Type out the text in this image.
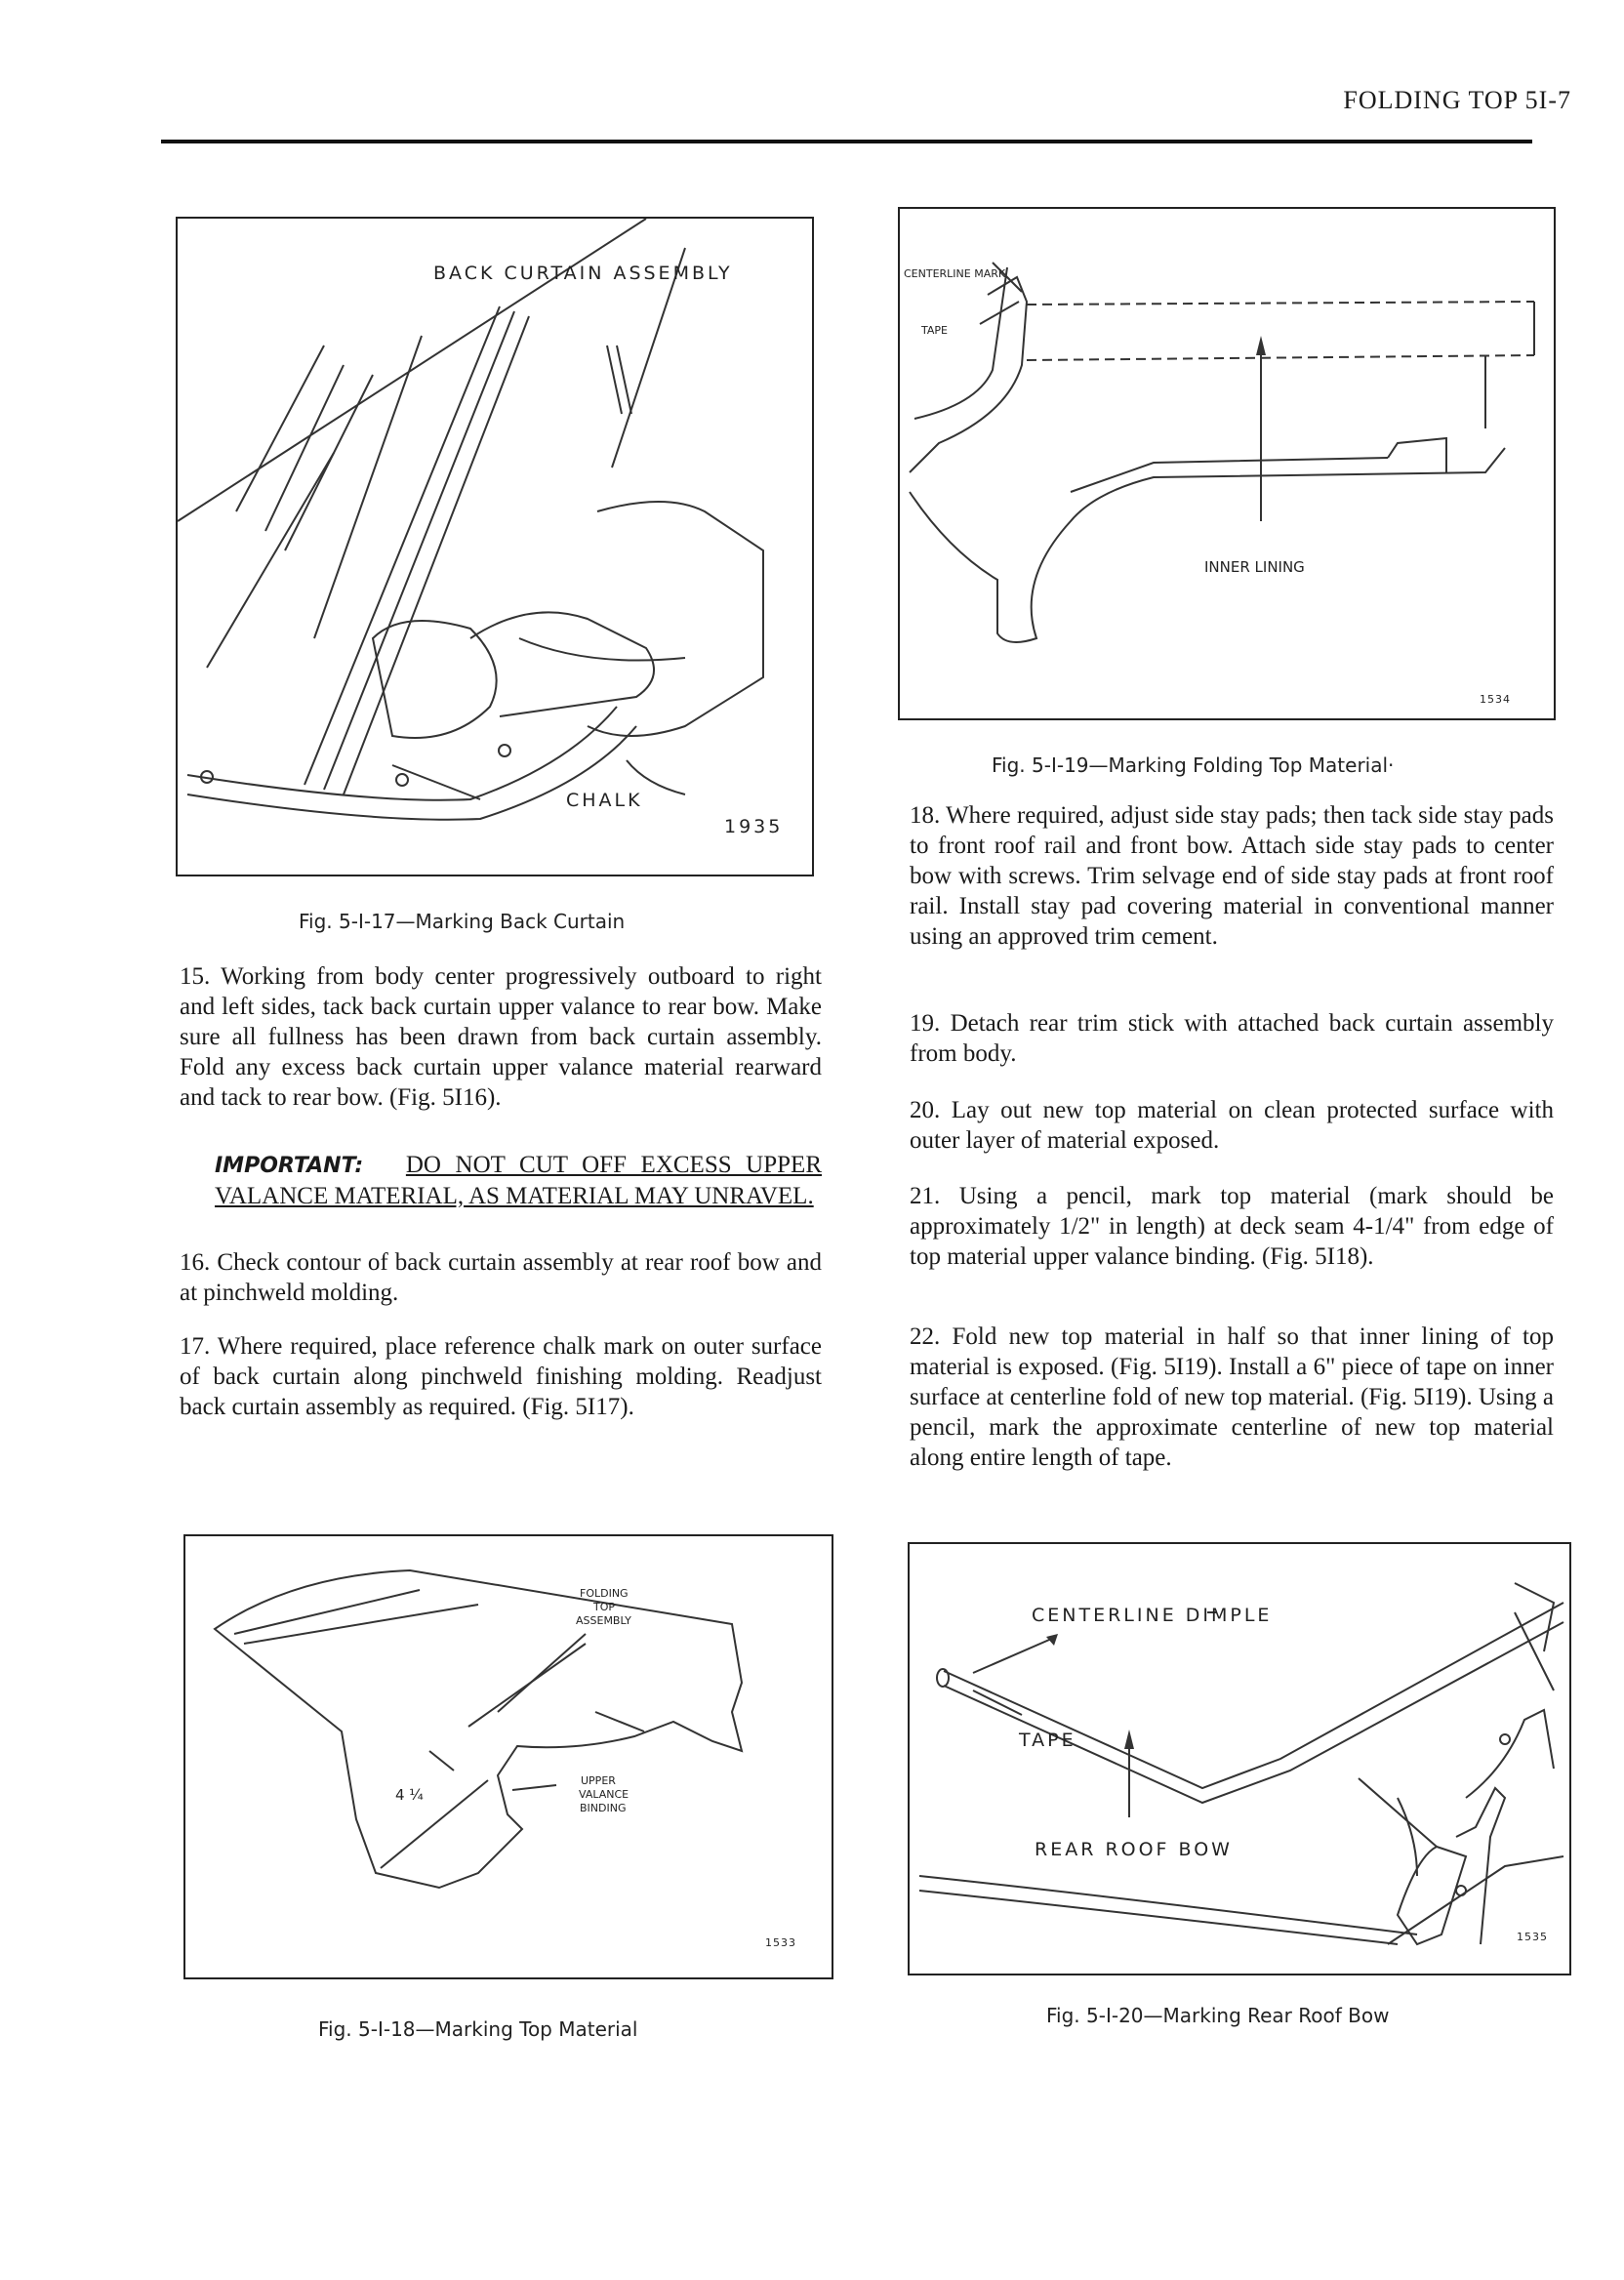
FOLDING TOP 5I-7
BACK CURTAIN ASSEMBLY
CHALK
1935
Fig. 5-I-17—Marking Back Curtain
15. Working from body center progressively outboard to right and left sides, tack back curtain upper valance to rear bow. Make sure all fullness has been drawn from back curtain assembly. Fold any excess back curtain upper valance material rearward and tack to rear bow. (Fig. 5I16).
IMPORTANT: DO NOT CUT OFF EXCESS UPPER VALANCE MATERIAL, AS MATERIAL MAY UNRAVEL.
16. Check contour of back curtain assembly at rear roof bow and at pinchweld molding.
17. Where required, place reference chalk mark on outer surface of back curtain along pinchweld finishing molding. Readjust back curtain assembly as required. (Fig. 5I17).
FOLDING
TOP
ASSEMBLY
UPPER
VALANCE
BINDING
4 ¼
1533
Fig. 5-I-18—Marking Top Material
CENTERLINE MARK
TAPE
INNER LINING
1534
Fig. 5-I-19—Marking Folding Top Material·
18. Where required, adjust side stay pads; then tack side stay pads to front roof rail and front bow. Attach side stay pads to center bow with screws. Trim selvage end of side stay pads at front roof rail. Install stay pad covering material in conventional manner using an approved trim cement.
19. Detach rear trim stick with attached back curtain assembly from body.
20. Lay out new top material on clean protected surface with outer layer of material exposed.
21. Using a pencil, mark top material (mark should be approximately 1/2" in length) at deck seam 4-1/4" from edge of top material upper valance binding. (Fig. 5I18).
22. Fold new top material in half so that inner lining of top material is exposed. (Fig. 5I19). Install a 6" piece of tape on inner surface at centerline fold of new top material. (Fig. 5I19). Using a pencil, mark the approximate centerline of new top material along entire length of tape.
CENTERLINE DIMPLE
TAPE
REAR ROOF BOW
1535
Fig. 5-I-20—Marking Rear Roof Bow
